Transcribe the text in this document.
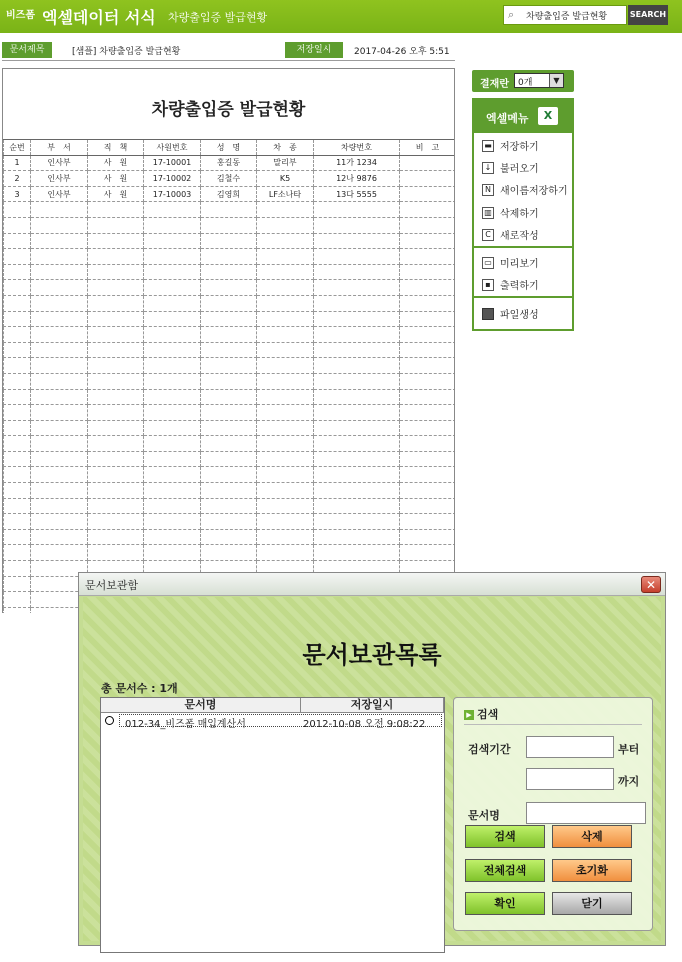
비즈폼 엑셀데이터 서식 차량출입증 발급현황	⌕ 차량출입증 발급현황	SEARCH
문서제목	[샘플] 차량출입증 발급현황	저장일시	2017-04-26 오후 5:51
차량출입증 발급현황
순번	부　서	직　책	사원번호	성　명	차　종	차량번호	비　고
1	인사부	사　원	17-10001	홍길동	말리부	11가 1234	
2	인사부	사　원	17-10002	김철수	K5	12나 9876	
3	인사부	사　원	17-10003	김영희	LF소나타	13다 5555	

결재란 0개	▼
엑셀메뉴	X
▬ 저장하기
↓ 불러오기
N 새이름저장하기
▥ 삭제하기
C 새로작성
▭ 미리보기
▪ 출력하기
파일생성
문서보관함	✕
문서보관목록
총 문서수 : 1개
문서명	저장일시
012-34_비즈폼 매입계산서	2012-10-08 오전 9:08:22
▶ 검색
검색기간	부터
까지
문서명
검색	삭제
전체검색	초기화
확인	닫기
